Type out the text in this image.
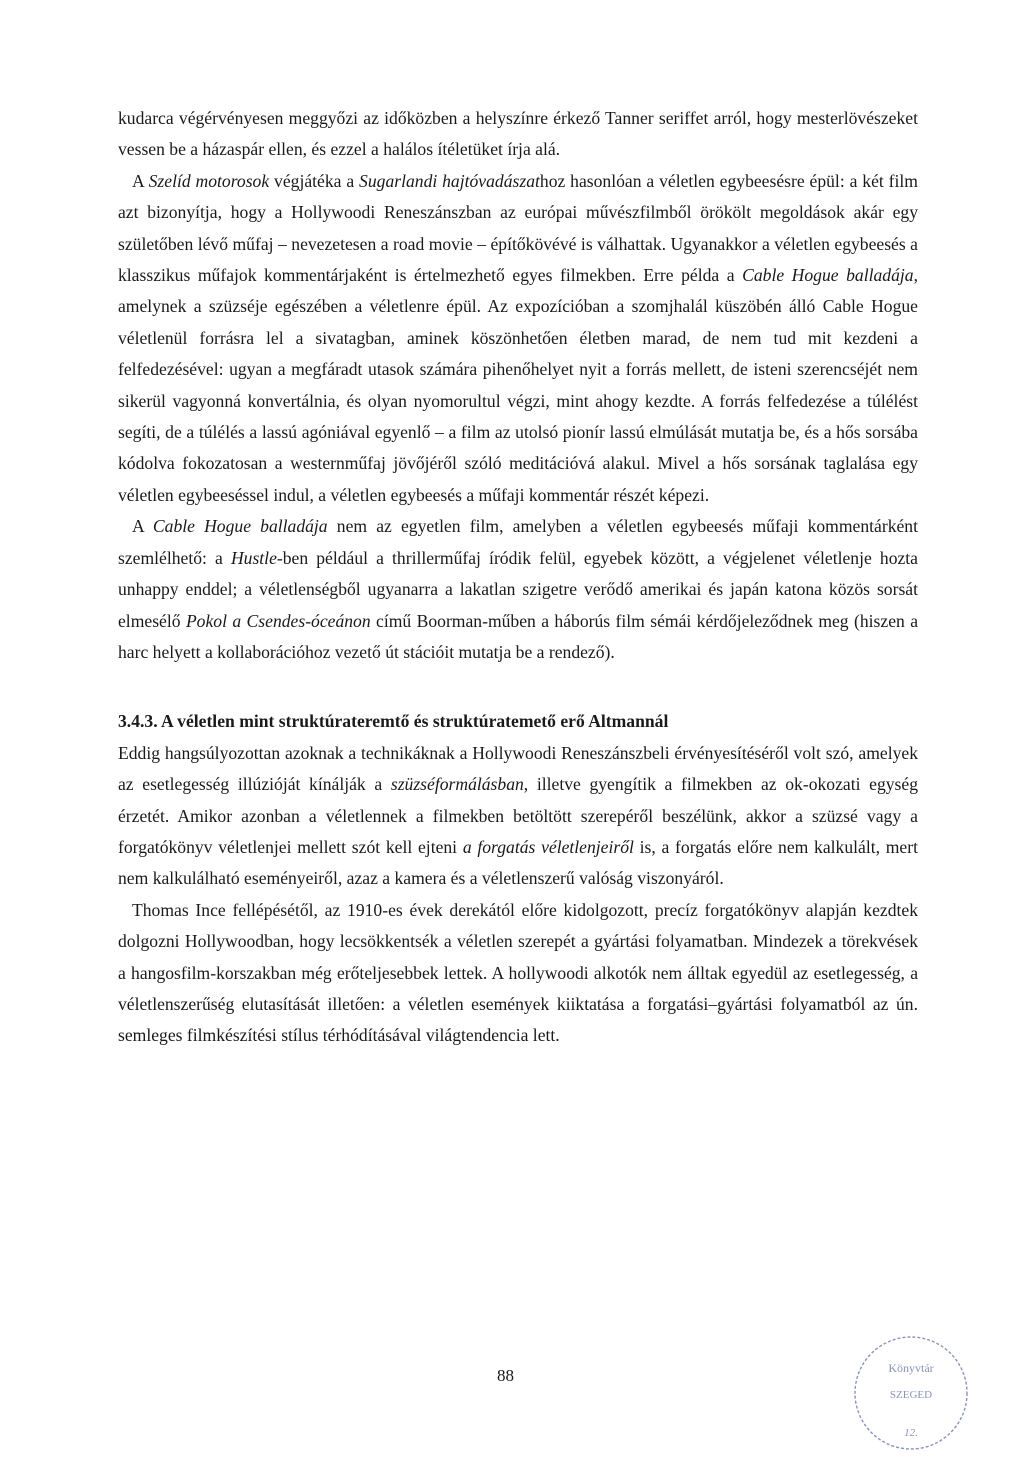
kudarca végérvényesen meggyőzi az időközben a helyszínre érkező Tanner seriffet arról, hogy mesterlövészeket vessen be a házaspár ellen, és ezzel a halálos ítéletüket írja alá.

A Szelíd motorosok végjátéka a Sugarlandi hajtóvadászathoz hasonlóan a véletlen egybeesésre épül: a két film azt bizonyítja, hogy a Hollywoodi Reneszánszban az európai művészfilmből örökölt megoldások akár egy születőben lévő műfaj – nevezetesen a road movie – építőkövévé is válhattak. Ugyanakkor a véletlen egybeesés a klasszikus műfajok kommentárjaként is értelmezhető egyes filmekben. Erre példa a Cable Hogue balladája, amelynek a szüzséje egészében a véletlenre épül. Az expozícióban a szomjhalál küszöbén álló Cable Hogue véletlenül forrásra lel a sivatagban, aminek köszönhetően életben marad, de nem tud mit kezdeni a felfedezésével: ugyan a megfáradt utasok számára pihenőhelyet nyit a forrás mellett, de isteni szerencséjét nem sikerül vagyonná konvertálnia, és olyan nyomorultul végzi, mint ahogy kezdte. A forrás felfedezése a túlélést segíti, de a túlélés a lassú agóniával egyenlő – a film az utolsó pionír lassú elmúlását mutatja be, és a hős sorsába kódolva fokozatosan a westernműfaj jövőjéről szóló meditációvá alakul. Mivel a hős sorsának taglalása egy véletlen egybeeséssel indul, a véletlen egybeesés a műfaji kommentár részét képezi.

A Cable Hogue balladája nem az egyetlen film, amelyben a véletlen egybeesés műfaji kommentárként szemlélhető: a Hustle-ben például a thrillerműfaj íródik felül, egyebek között, a végjelenet véletlenje hozta unhappy enddel; a véletlenségből ugyanarra a lakatlan szigetre verődő amerikai és japán katona közös sorsát elmesélő Pokol a Csendes-óceánon című Boorman-műben a háborús film sémái kérdőjeleződnek meg (hiszen a harc helyett a kollaborációhoz vezető út stációit mutatja be a rendező).

3.4.3. A véletlen mint struktúrateremtő és struktúratemető erő Altmannál

Eddig hangsúlyozottan azoknak a technikáknak a Hollywoodi Reneszánszbeli érvényesítéséről volt szó, amelyek az esetlegesség illúzióját kínálják a szüzséformálásban, illetve gyengítik a filmekben az ok-okozati egység érzetét. Amikor azonban a véletlennek a filmekben betöltött szerepéről beszélünk, akkor a szüzsé vagy a forgatókönyv véletlenjei mellett szót kell ejteni a forgatás véletlenjeiről is, a forgatás előre nem kalkulált, mert nem kalkulálható eseményeiről, azaz a kamera és a véletlenszerű valóság viszonyáról.

Thomas Ince fellépésétől, az 1910-es évek derekától előre kidolgozott, precíz forgatókönyv alapján kezdtek dolgozni Hollywoodban, hogy lecsökkentsék a véletlen szerepét a gyártási folyamatban. Mindezek a törekvések a hangosfilm-korszakban még erőteljesebbek lettek. A hollywoodi alkotók nem álltak egyedül az esetlegesség, a véletlenszerűség elutasítását illetően: a véletlen események kiiktatása a forgatási–gyártási folyamatból az ún. semleges filmkészítési stílus térhódításával világtendencia lett.

88	Könyvtár
SZEGED
12.
